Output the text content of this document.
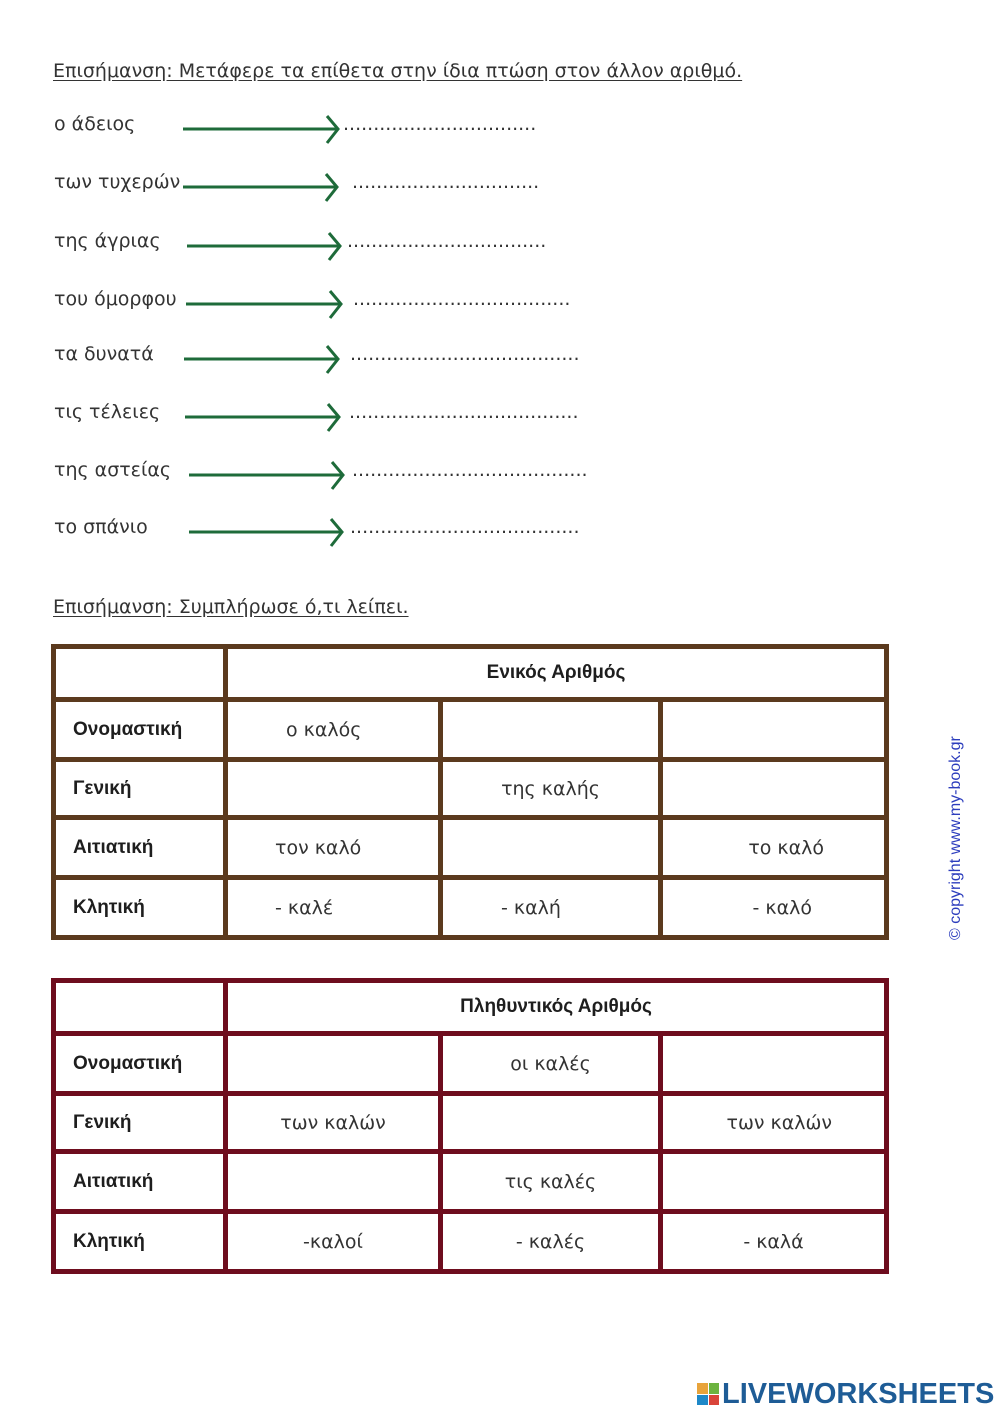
Επισήμανση: Μετάφερε τα επίθετα στην ίδια πτώση στον άλλον αριθμό.
ο άδειος	................................
των τυχερών	...............................
της άγριας	.................................
του όμορφου	....................................
τα δυνατά	......................................
τις τέλειες	......................................
της αστείας	.......................................
το σπάνιο	......................................
Επισήμανση: Συμπλήρωσε ό,τι λείπει.
	Ενικός Αριθμός		
Ονομαστική	ο καλός		

Γενική		της καλής	

Αιτιατική	τον καλό		το καλό

Κλητική	- καλέ	- καλή	- καλό
	Πληθυντικός Αριθμός		
Ονομαστική		οι καλές	

Γενική	των καλών		των καλών

Αιτιατική		τις καλές	

Κλητική	-καλοί	- καλές	- καλά
© copyright www.my-book.gr
LIVEWORKSHEETS
